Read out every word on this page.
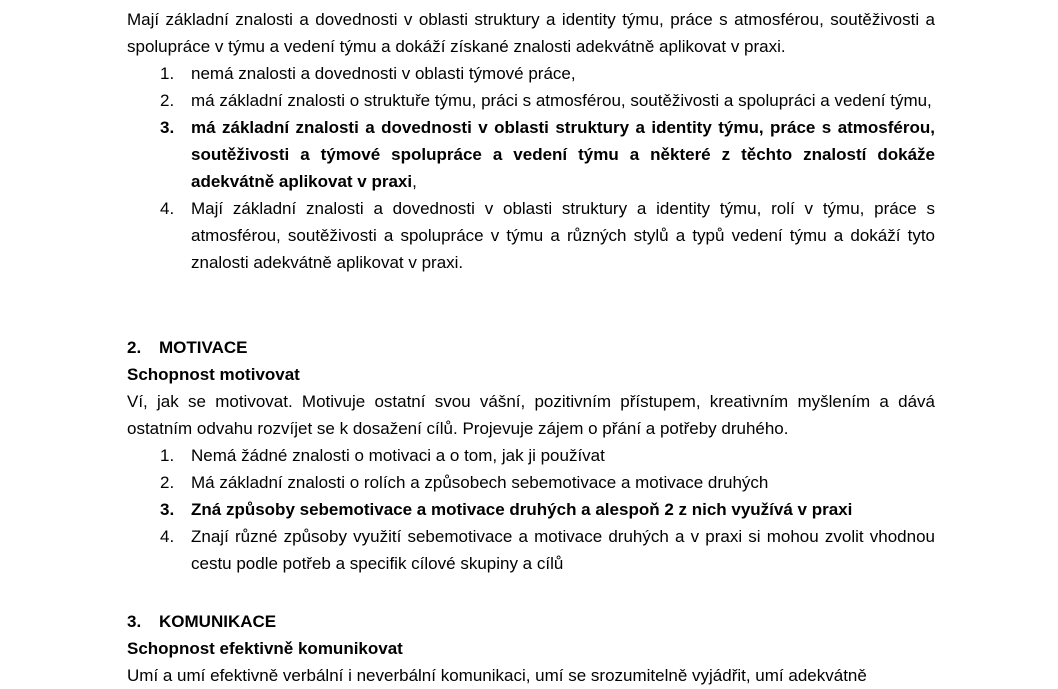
Mají základní znalosti a dovednosti v oblasti struktury a identity týmu, práce s atmosférou, soutěživosti a spolupráce v týmu a vedení týmu a dokáží získané znalosti adekvátně aplikovat v praxi.

1. nemá znalosti a dovednosti v oblasti týmové práce,
2. má základní znalosti o struktuře týmu, práci s atmosférou, soutěživosti a spolupráci a vedení týmu,
3. má základní znalosti a dovednosti v oblasti struktury a identity týmu, práce s atmosférou, soutěživosti a týmové spolupráce a vedení týmu a některé z těchto znalostí dokáže adekvátně aplikovat v praxi,
4. Mají základní znalosti a dovednosti v oblasti struktury a identity týmu, rolí v týmu, práce s atmosférou, soutěživosti a spolupráce v týmu a různých stylů a typů vedení týmu a dokáží tyto znalosti adekvátně aplikovat v praxi.

2. MOTIVACE

Schopnost motivovat

Ví, jak se motivovat. Motivuje ostatní svou vášní, pozitivním přístupem, kreativním myšlením a dává ostatním odvahu rozvíjet se k dosažení cílů. Projevuje zájem o přání a potřeby druhého.

1. Nemá žádné znalosti o motivaci a o tom, jak ji používat
2. Má základní znalosti o rolích a způsobech sebemotivace a motivace druhých
3. Zná způsoby sebemotivace a motivace druhých a alespoň 2 z nich využívá v praxi
4. Znají různé způsoby využití sebemotivace a motivace druhých a v praxi si mohou zvolit vhodnou cestu podle potřeb a specifik cílové skupiny a cílů

3. KOMUNIKACE

Schopnost efektivně komunikovat

Umí a umí efektivně verbální i neverbální komunikaci, umí se srozumitelně vyjádřit, umí adekvátně
